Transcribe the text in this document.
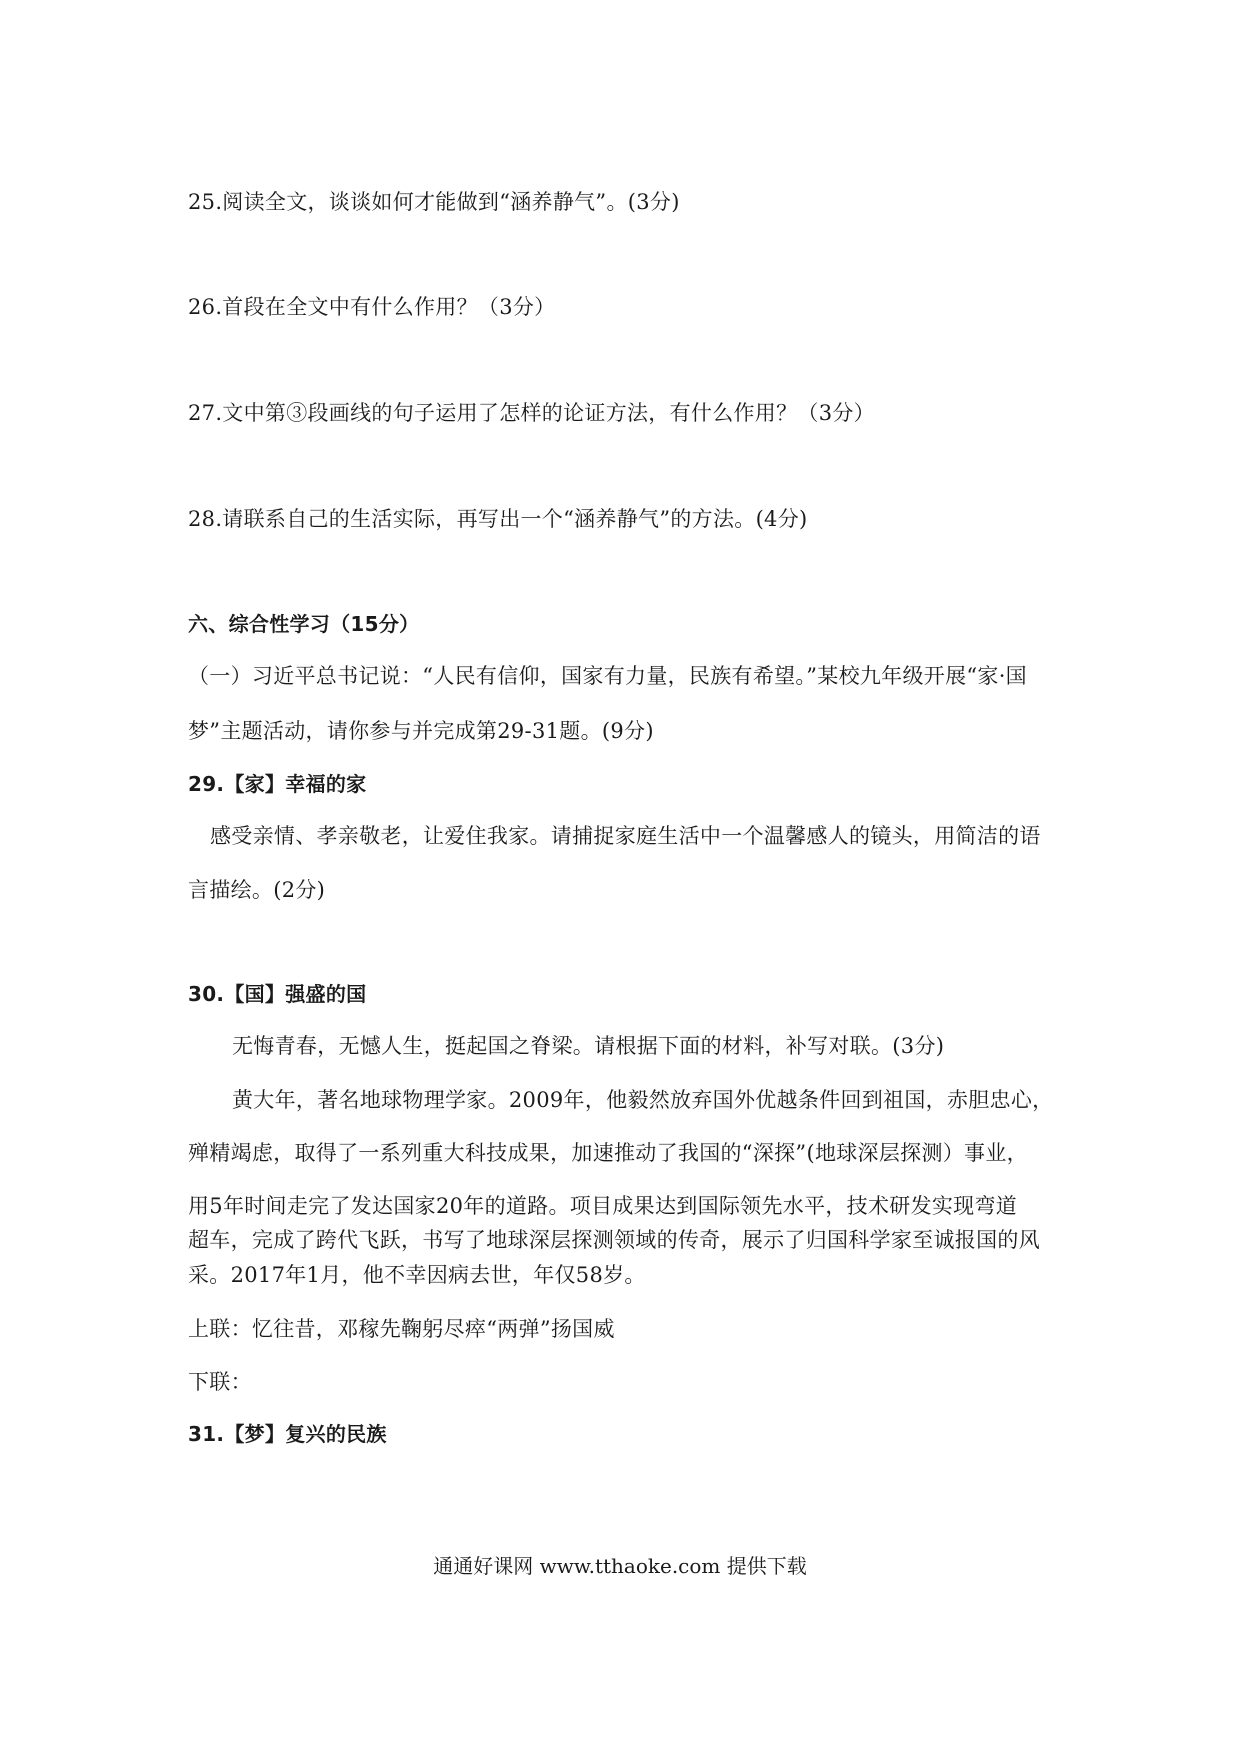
25.阅读全文，谈谈如何才能做到“涵养静气”。(3分)
26.首段在全文中有什么作用？（3分）
27.文中第③段画线的句子运用了怎样的论证方法，有什么作用？（3分）
28.请联系自己的生活实际，再写出一个“涵养静气”的方法。(4分)
六、综合性学习（15分）
（一）习近平总书记说：“人民有信仰，国家有力量，民族有希望。”某校九年级开展“家·国
梦”主题活动，请你参与并完成第29-31题。(9分)
29.【家】幸福的家
感受亲情、孝亲敬老，让爱住我家。请捕捉家庭生活中一个温馨感人的镜头，用简洁的语
言描绘。(2分)
30.【国】强盛的国
无悔青春，无憾人生，挺起国之脊梁。请根据下面的材料，补写对联。(3分)
黄大年，著名地球物理学家。2009年，他毅然放弃国外优越条件回到祖国，赤胆忠心，
殚精竭虑，取得了一系列重大科技成果，加速推动了我国的“深探”(地球深层探测）事业，
用5年时间走完了发达国家20年的道路。项目成果达到国际领先水平，技术研发实现弯道
超车，完成了跨代飞跃，书写了地球深层探测领域的传奇，展示了归国科学家至诚报国的风
采。2017年1月，他不幸因病去世，年仅58岁。
上联：忆往昔，邓稼先鞠躬尽瘁“两弹”扬国威
下联：
31.【梦】复兴的民族
通通好课网 www.tthaoke.com 提供下载
